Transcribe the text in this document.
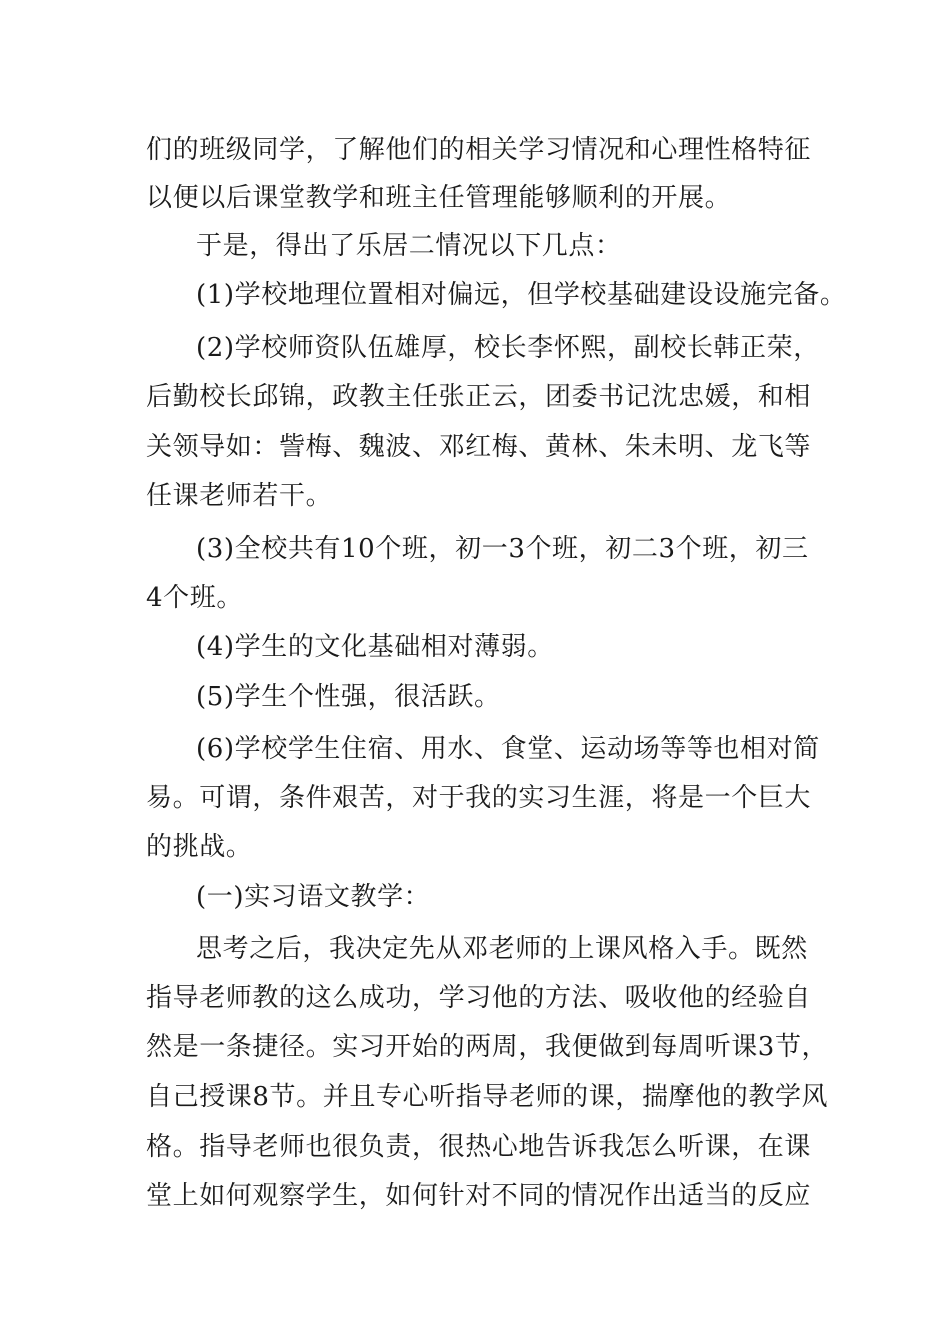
们的班级同学，了解他们的相关学习情况和心理性格特征
以便以后课堂教学和班主任管理能够顺利的开展。
于是，得出了乐居二情况以下几点：
(1)学校地理位置相对偏远，但学校基础建设设施完备。
(2)学校师资队伍雄厚，校长李怀熙，副校长韩正荣，
后勤校长邱锦，政教主任张正云，团委书记沈忠媛，和相
关领导如：訾梅、魏波、邓红梅、黄林、朱未明、龙飞等
任课老师若干。
(3)全校共有10个班，初一3个班，初二3个班，初三
4个班。
(4)学生的文化基础相对薄弱。
(5)学生个性强，很活跃。
(6)学校学生住宿、用水、食堂、运动场等等也相对简
易。可谓，条件艰苦，对于我的实习生涯，将是一个巨大
的挑战。
(一)实习语文教学：
思考之后，我决定先从邓老师的上课风格入手。既然
指导老师教的这么成功，学习他的方法、吸收他的经验自
然是一条捷径。实习开始的两周，我便做到每周听课3节，
自己授课8节。并且专心听指导老师的课，揣摩他的教学风
格。指导老师也很负责，很热心地告诉我怎么听课，在课
堂上如何观察学生，如何针对不同的情况作出适当的反应
